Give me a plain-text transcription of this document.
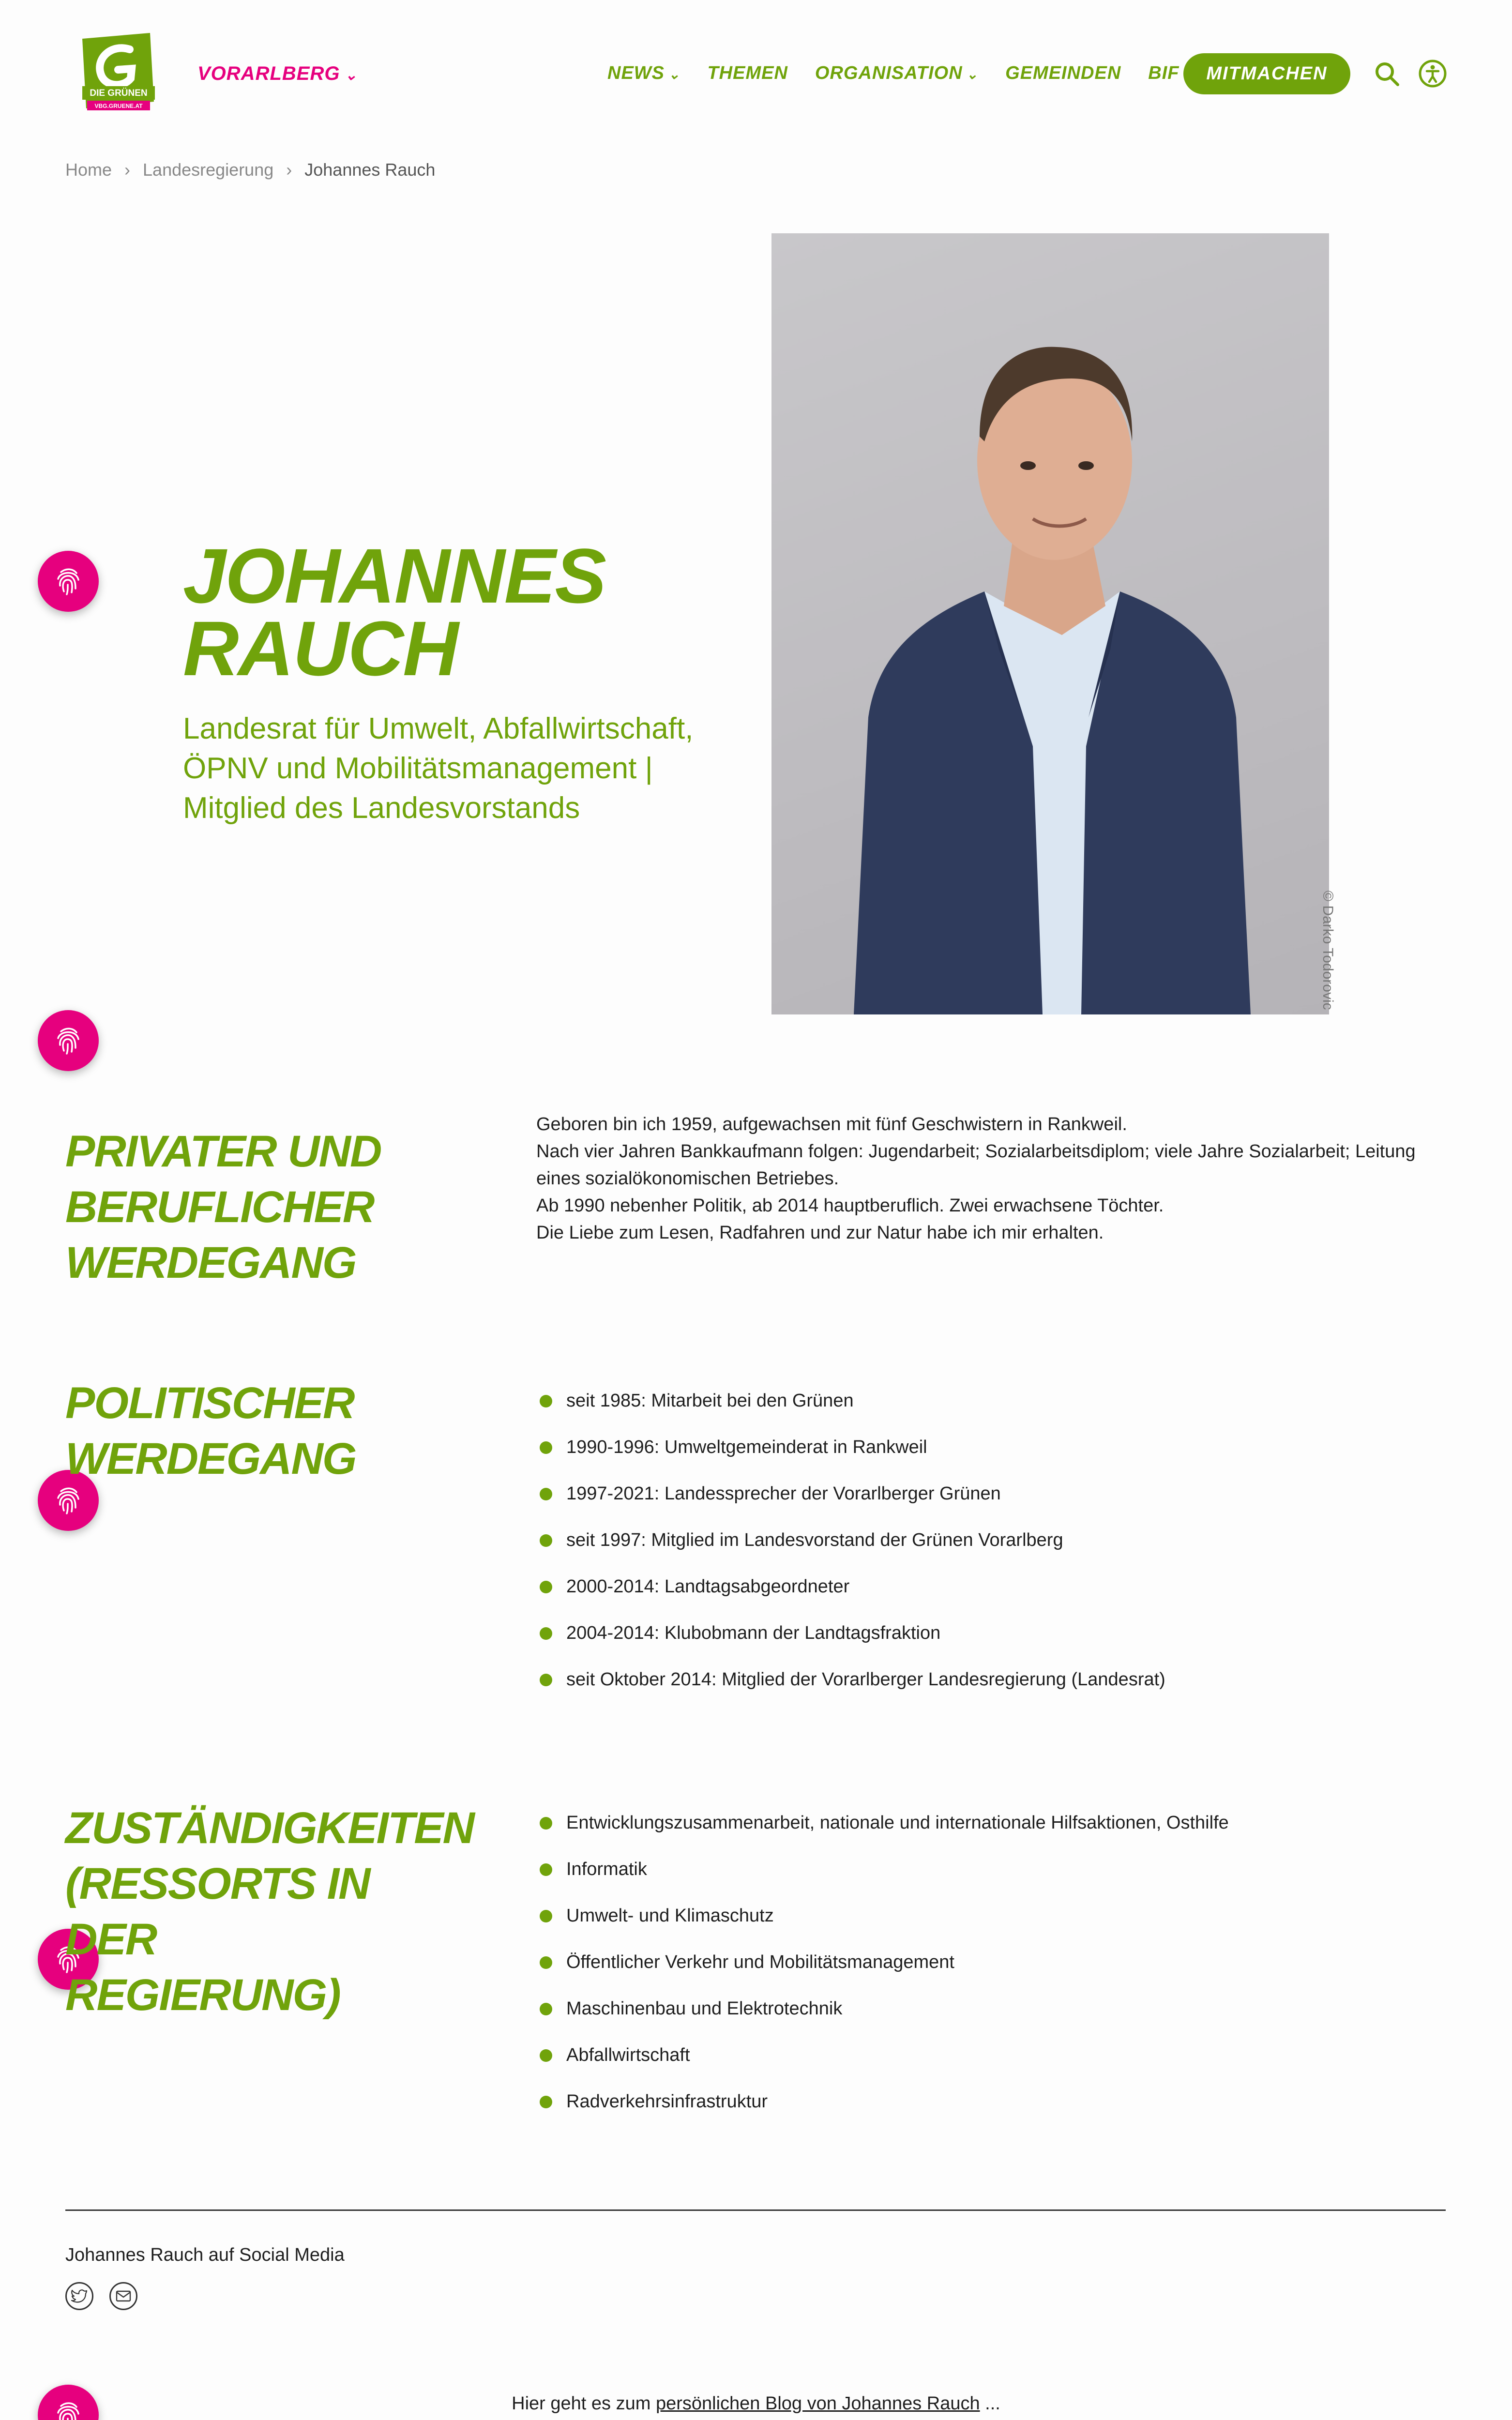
DIE GRÜNEN
VBG.GRUENE.AT
VORARLBERG ⌄	NEWS ⌄ THEMEN ORGANISATION ⌄ GEMEINDEN BIF	MITMACHEN
Home › Landesregierung › Johannes Rauch
JOHANNES
RAUCH

Landesrat für Umwelt, Abfallwirtschaft, ÖPNV und Mobilitätsmanagement | Mitglied des Landesvorstands

© Darko Todorovic
PRIVATER UND
BERUFLICHER
WERDEGANG

Geboren bin ich 1959, aufgewachsen mit fünf Geschwistern in Rankweil.

Nach vier Jahren Bankkaufmann folgen: Jugendarbeit; Sozialarbeitsdiplom; viele Jahre Sozialarbeit; Leitung eines sozialökonomischen Betriebes.

Ab 1990 nebenher Politik, ab 2014 hauptberuflich. Zwei erwachsene Töchter.

Die Liebe zum Lesen, Radfahren und zur Natur habe ich mir erhalten.

POLITISCHER
WERDEGANG
seit 1985: Mitarbeit bei den Grünen
1990-1996: Umweltgemeinderat in Rankweil
1997-2021: Landessprecher der Vorarlberger Grünen
seit 1997: Mitglied im Landesvorstand der Grünen Vorarlberg
2000-2014: Landtagsabgeordneter
2004-2014: Klubobmann der Landtagsfraktion
seit Oktober 2014: Mitglied der Vorarlberger Landesregierung (Landesrat)
ZUSTÄNDIGKEITEN
(RESSORTS IN
DER
REGIERUNG)
Entwicklungszusammenarbeit, nationale und internationale Hilfsaktionen, Osthilfe
Informatik
Umwelt- und Klimaschutz
Öffentlicher Verkehr und Mobilitätsmanagement
Maschinenbau und Elektrotechnik
Abfallwirtschaft
Radverkehrsinfrastruktur
Johannes Rauch auf Social Media

Hier geht es zum persönlichen Blog von Johannes Rauch ...
